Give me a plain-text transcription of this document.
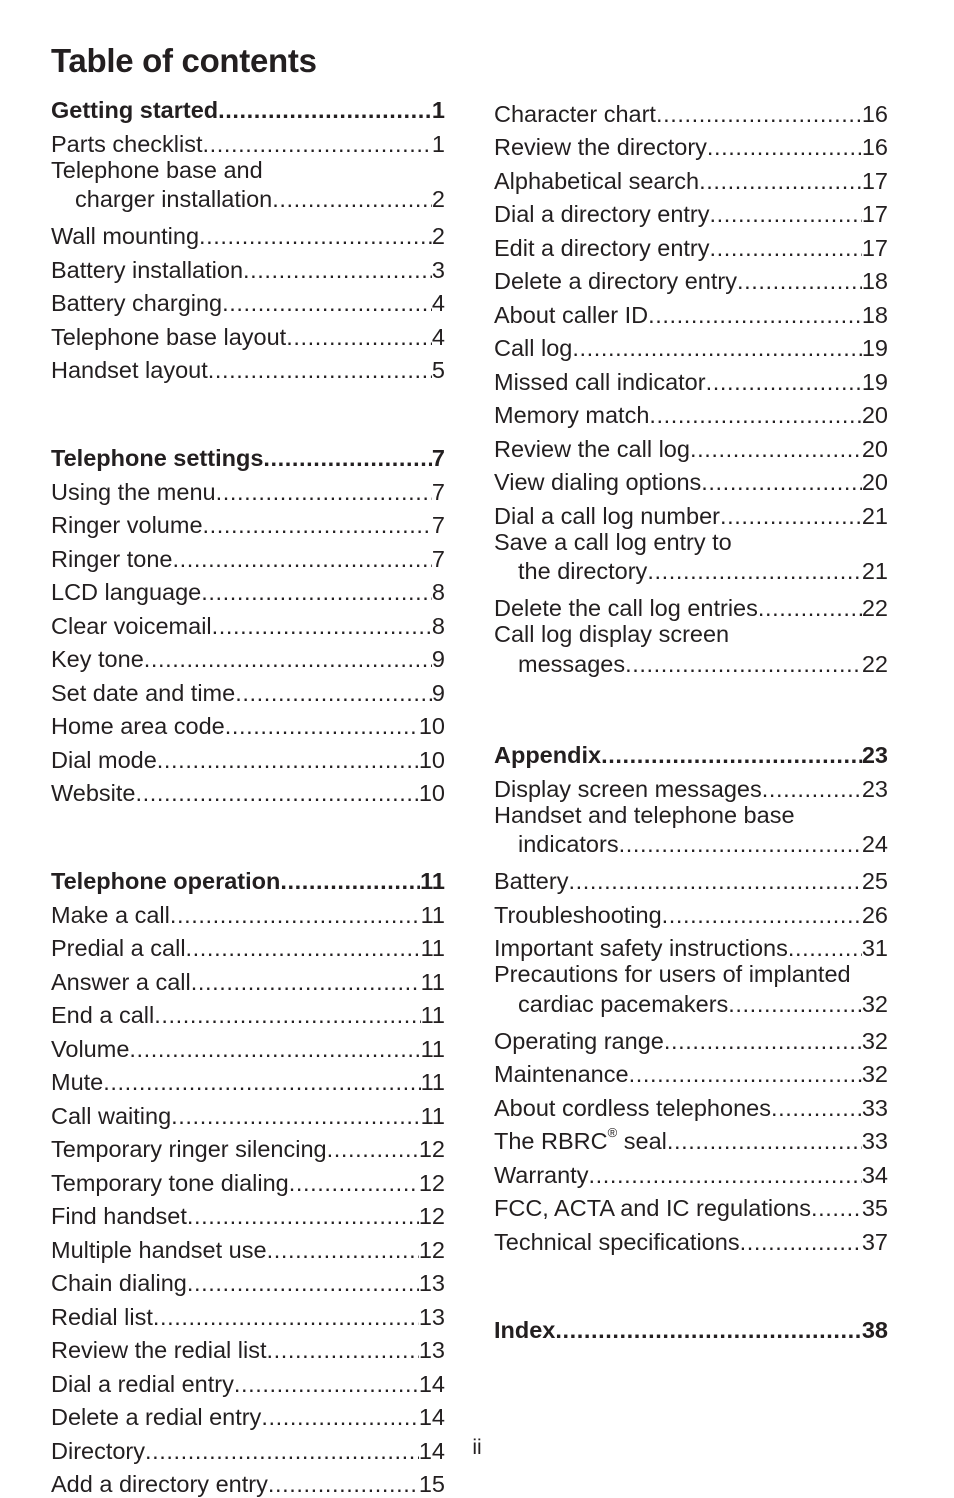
Table of contents
Getting started .....	1
Parts checklist .....	1
Telephone base and
charger installation .....	2
Wall mounting .....	2
Battery installation .....	3
Battery charging .....	4
Telephone base layout .....	4
Handset layout .....	5
Telephone settings .....	7
Using the menu .....	7
Ringer volume .....	7
Ringer tone .....	7
LCD language .....	8
Clear voicemail .....	8
Key tone .....	9
Set date and time .....	9
Home area code .....	10
Dial mode .....	10
Website .....	10
Telephone operation .....	11
Make a call .....	11
Predial a call .....	11
Answer a call .....	11
End a call .....	11
Volume .....	11
Mute .....	11
Call waiting .....	11
Temporary ringer silencing .....	12
Temporary tone dialing .....	12
Find handset .....	12
Multiple handset use .....	12
Chain dialing .....	13
Redial list .....	13
Review the redial list .....	13
Dial a redial entry .....	14
Delete a redial entry .....	14
Directory .....	14
Add a directory entry .....	15
Character chart .....	16
Review the directory .....	16
Alphabetical search .....	17
Dial a directory entry .....	17
Edit a directory entry .....	17
Delete a directory entry .....	18
About caller ID .....	18
Call log .....	19
Missed call indicator .....	19
Memory match .....	20
Review the call log .....	20
View dialing options .....	20
Dial a call log number .....	21
Save a call log entry to
the directory .....	21
Delete the call log entries .....	22
Call log display screen
messages .....	22
Appendix .....	23
Display screen messages .....	23
Handset and telephone base
indicators .....	24
Battery .....	25
Troubleshooting .....	26
Important safety instructions .....	31
Precautions for users of implanted
cardiac pacemakers .....	32
Operating range .....	32
Maintenance .....	32
About cordless telephones .....	33
The RBRC® seal .....	33
Warranty .....	34
FCC, ACTA and IC regulations ..... 35
Technical specifications .....	37
Index .....	38
ii
